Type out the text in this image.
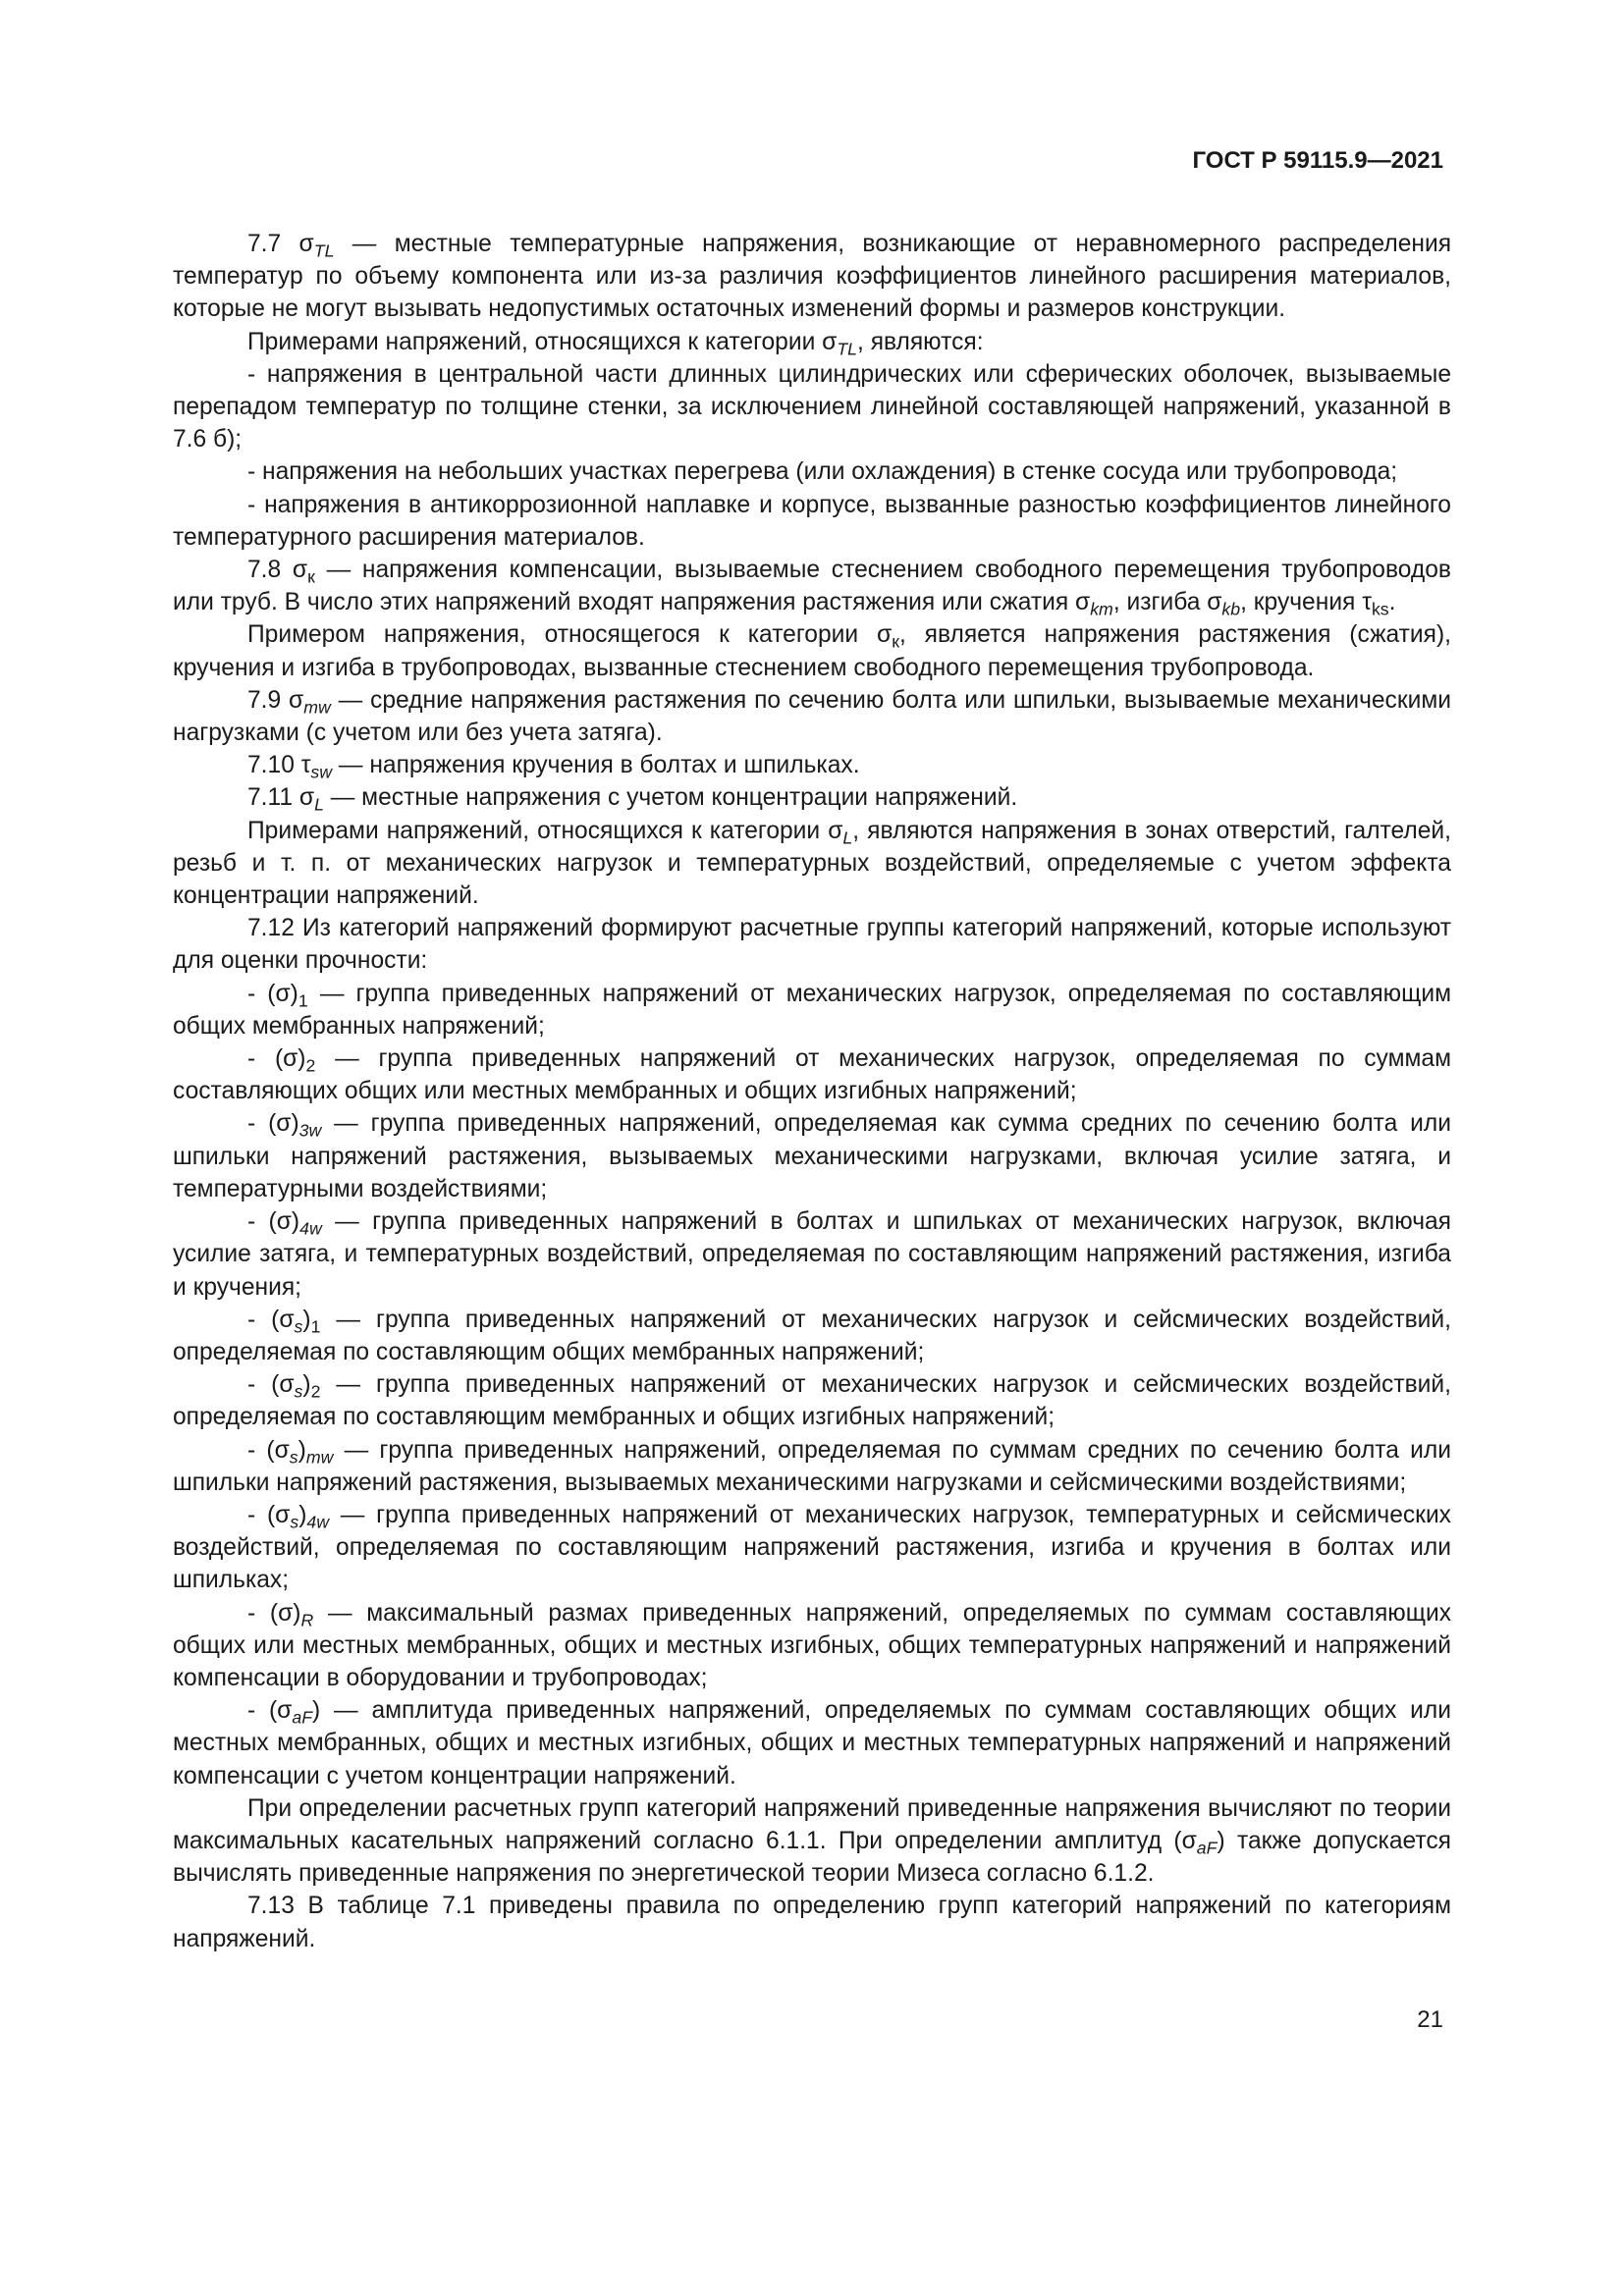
ГОСТ Р 59115.9—2021

7.7 $\sigma_{TL}$ — местные температурные напряжения, возникающие от неравномерного распределения температур по объему компонента или из-за различия коэффициентов линейного расширения материалов, которые не могут вызывать недопустимых остаточных изменений формы и размеров конструкции.

Примерами напряжений, относящихся к категории $\sigma_{TL}$, являются:

- напряжения в центральной части длинных цилиндрических или сферических оболочек, вызываемые перепадом температур по толщине стенки, за исключением линейной составляющей напряжений, указанной в 7.6 б);

- напряжения на небольших участках перегрева (или охлаждения) в стенке сосуда или трубопровода;

- напряжения в антикоррозионной наплавке и корпусе, вызванные разностью коэффициентов линейного температурного расширения материалов.

7.8 $\sigma_к$ — напряжения компенсации, вызываемые стеснением свободного перемещения трубопроводов или труб. В число этих напряжений входят напряжения растяжения или сжатия $\sigma_{km}$, изгиба $\sigma_{kb}$, кручения $\tau_{ks}$.

Примером напряжения, относящегося к категории $\sigma_к$, является напряжения растяжения (сжатия), кручения и изгиба в трубопроводах, вызванные стеснением свободного перемещения трубопровода.

7.9 $\sigma_{mw}$ — средние напряжения растяжения по сечению болта или шпильки, вызываемые механическими нагрузками (с учетом или без учета затяга).

7.10 $\tau_{sw}$ — напряжения кручения в болтах и шпильках.

7.11 $\sigma_L$ — местные напряжения с учетом концентрации напряжений.

Примерами напряжений, относящихся к категории $\sigma_L$, являются напряжения в зонах отверстий, галтелей, резьб и т. п. от механических нагрузок и температурных воздействий, определяемые с учетом эффекта концентрации напряжений.

7.12 Из категорий напряжений формируют расчетные группы категорий напряжений, которые используют для оценки прочности:

- $(\sigma)_1$ — группа приведенных напряжений от механических нагрузок, определяемая по составляющим общих мембранных напряжений;

- $(\sigma)_2$ — группа приведенных напряжений от механических нагрузок, определяемая по суммам составляющих общих или местных мембранных и общих изгибных напряжений;

- $(\sigma)_{3w}$ — группа приведенных напряжений, определяемая как сумма средних по сечению болта или шпильки напряжений растяжения, вызываемых механическими нагрузками, включая усилие затяга, и температурными воздействиями;

- $(\sigma)_{4w}$ — группа приведенных напряжений в болтах и шпильках от механических нагрузок, включая усилие затяга, и температурных воздействий, определяемая по составляющим напряжений растяжения, изгиба и кручения;

- $(\sigma_s)_1$ — группа приведенных напряжений от механических нагрузок и сейсмических воздействий, определяемая по составляющим общих мембранных напряжений;

- $(\sigma_s)_2$ — группа приведенных напряжений от механических нагрузок и сейсмических воздействий, определяемая по составляющим мембранных и общих изгибных напряжений;

- $(\sigma_s)_{mw}$ — группа приведенных напряжений, определяемая по суммам средних по сечению болта или шпильки напряжений растяжения, вызываемых механическими нагрузками и сейсмическими воздействиями;

- $(\sigma_s)_{4w}$ — группа приведенных напряжений от механических нагрузок, температурных и сейсмических воздействий, определяемая по составляющим напряжений растяжения, изгиба и кручения в болтах или шпильках;

- $(\sigma)_R$ — максимальный размах приведенных напряжений, определяемых по суммам составляющих общих или местных мембранных, общих и местных изгибных, общих температурных напряжений и напряжений компенсации в оборудовании и трубопроводах;

- $(\sigma_{aF})$ — амплитуда приведенных напряжений, определяемых по суммам составляющих общих или местных мембранных, общих и местных изгибных, общих и местных температурных напряжений и напряжений компенсации с учетом концентрации напряжений.

При определении расчетных групп категорий напряжений приведенные напряжения вычисляют по теории максимальных касательных напряжений согласно 6.1.1. При определении амплитуд $(\sigma_{aF})$ также допускается вычислять приведенные напряжения по энергетической теории Мизеса согласно 6.1.2.

7.13 В таблице 7.1 приведены правила по определению групп категорий напряжений по категориям напряжений.

21
